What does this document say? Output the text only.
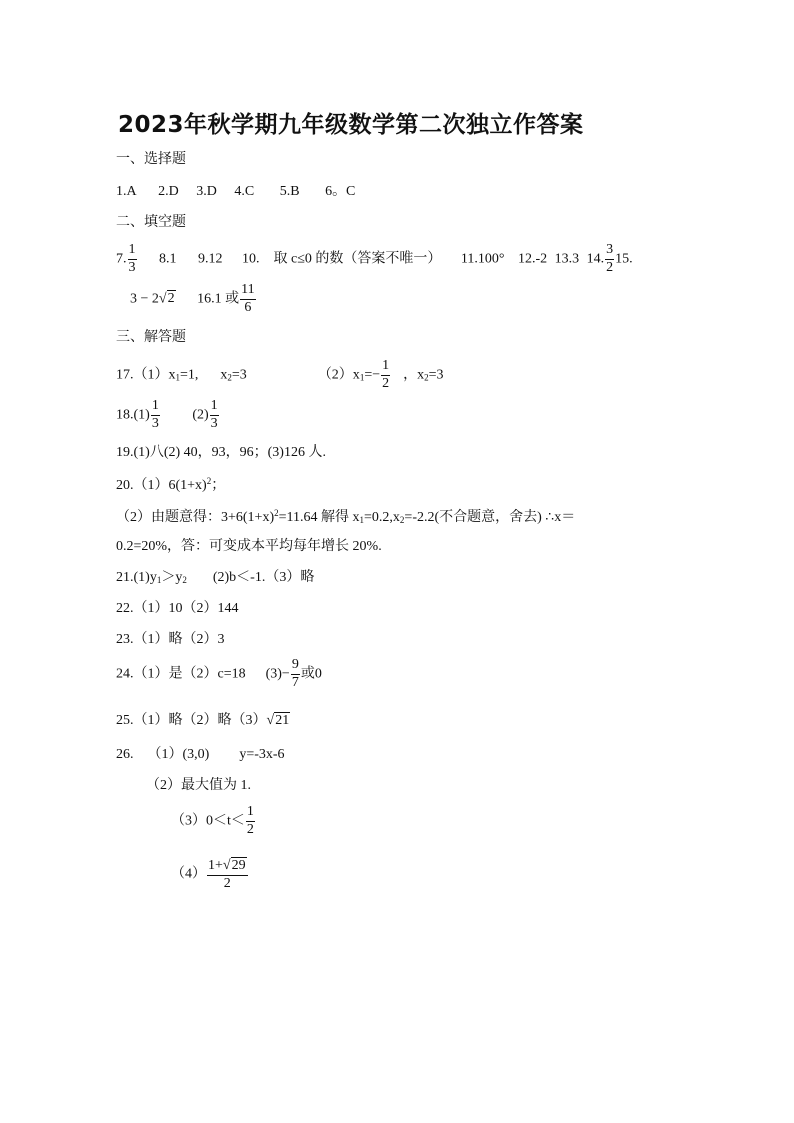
2023年秋学期九年级数学第二次独立作答案
一、选择题
1.A 2.D 3.D 4.C 5.B 6。C
二、填空题
7. $\frac{1}{3} 8.1$ 9.12 10.　取 c≤0 的数（答案不唯一） 11.100° 12.-2 13.3 14. $\frac{3}{2} 15$.
3 − 2√2 16.1 或 $\frac{11}{6}$
三、解答题
$17.(1)x_1=1$, $x_2=3$	$(2)x_1=- \frac{1}{2}$ ，$x_2=3$
$18.(1) \frac{1}{3} (2) \frac{1}{3}$
19.(1)八(2) 40，93，96；(3)126 人.
$20.(1)6(1+x)^2$；
（2）由题意得：$3+6(1+x)^2=11.64$ 解得 $x_1=0.2,x_2=-2.2$(不合题意，舍去) ∴x＝
0.2=20%，答：可变成本平均每年增长 20%.
$21.(1)y_1>y_2$ (2)b＜-1.（3）略
22.（1）10（2）144
23.（1）略（2）3
24.（1）是（2）c=18 $(3)- \frac{9}{7}$ 或0
25.（1）略（2）略（3）√21
26. （1）(3,0) y=-3x-6
（2）最大值为 1.
$(3)0<t< \frac{1}{2}$
$(4) \frac{1+√29}{2}$
